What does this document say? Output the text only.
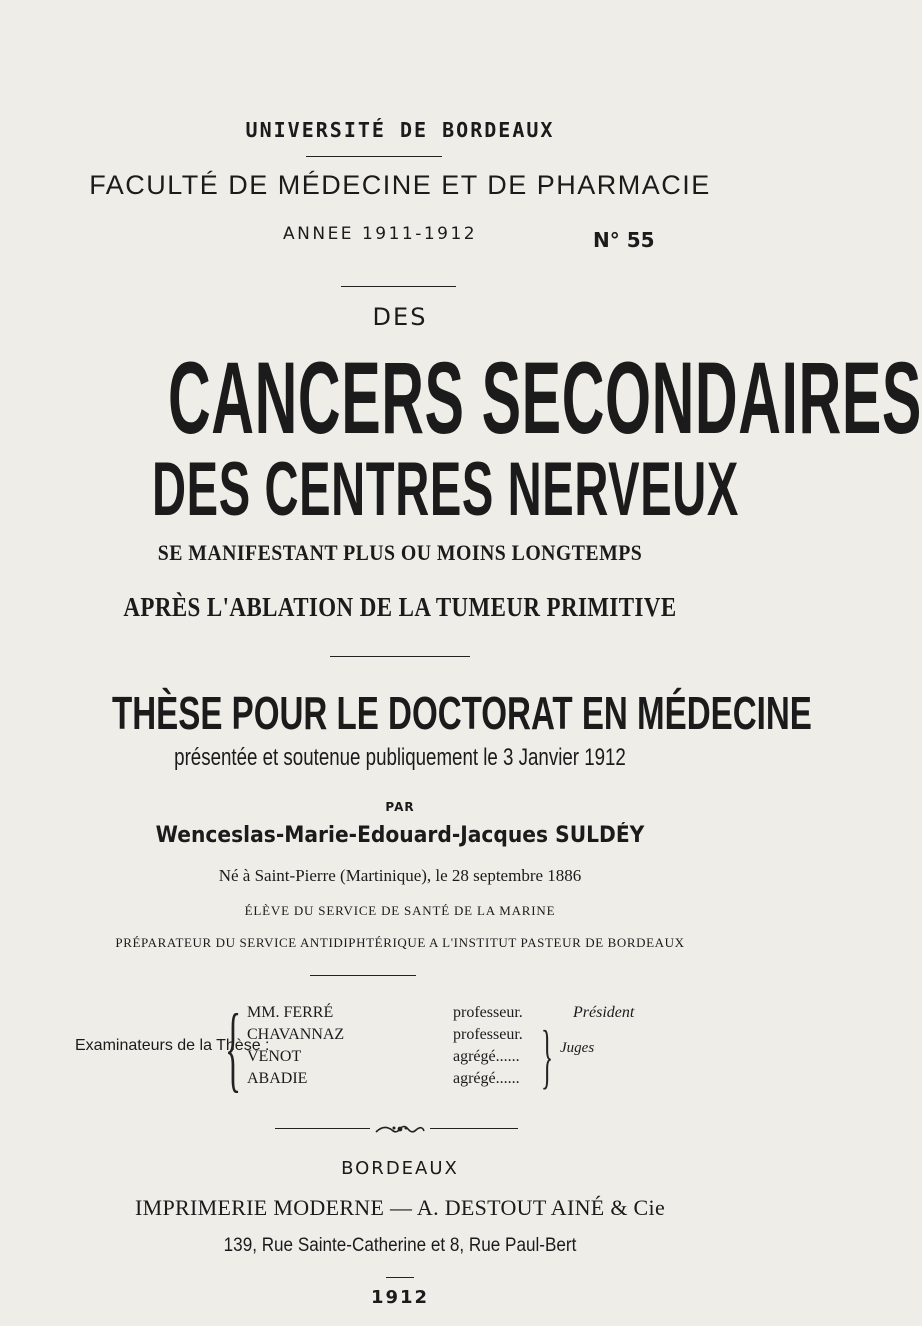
UNIVERSITÉ DE BORDEAUX
FACULTÉ DE MÉDECINE ET DE PHARMACIE
ANNEE 1911-1912	N° 55
DES
CANCERS SECONDAIRES
DES CENTRES NERVEUX
SE MANIFESTANT PLUS OU MOINS LONGTEMPS
APRÈS L'ABLATION DE LA TUMEUR PRIMITIVE
THÈSE POUR LE DOCTORAT EN MÉDECINE
présentée et soutenue publiquement le 3 Janvier 1912
PAR
Wenceslas-Marie-Edouard-Jacques SULDÉY
Né à Saint-Pierre (Martinique), le 28 septembre 1886
ÉLÈVE DU SERVICE DE SANTÉ DE LA MARINE
PRÉPARATEUR DU SERVICE ANTIDIPHTÉRIQUE A L'INSTITUT PASTEUR DE BORDEAUX
Examinateurs de la Thèse :
{ MM. FERRÉ	professeur.	Président
CHAVANNAZ	professeur.
VENOT	agrégé......
ABADIE	agrégé...... } Juges
BORDEAUX
IMPRIMERIE MODERNE — A. DESTOUT AINÉ & Cie
139, Rue Sainte-Catherine et 8, Rue Paul-Bert
1912
